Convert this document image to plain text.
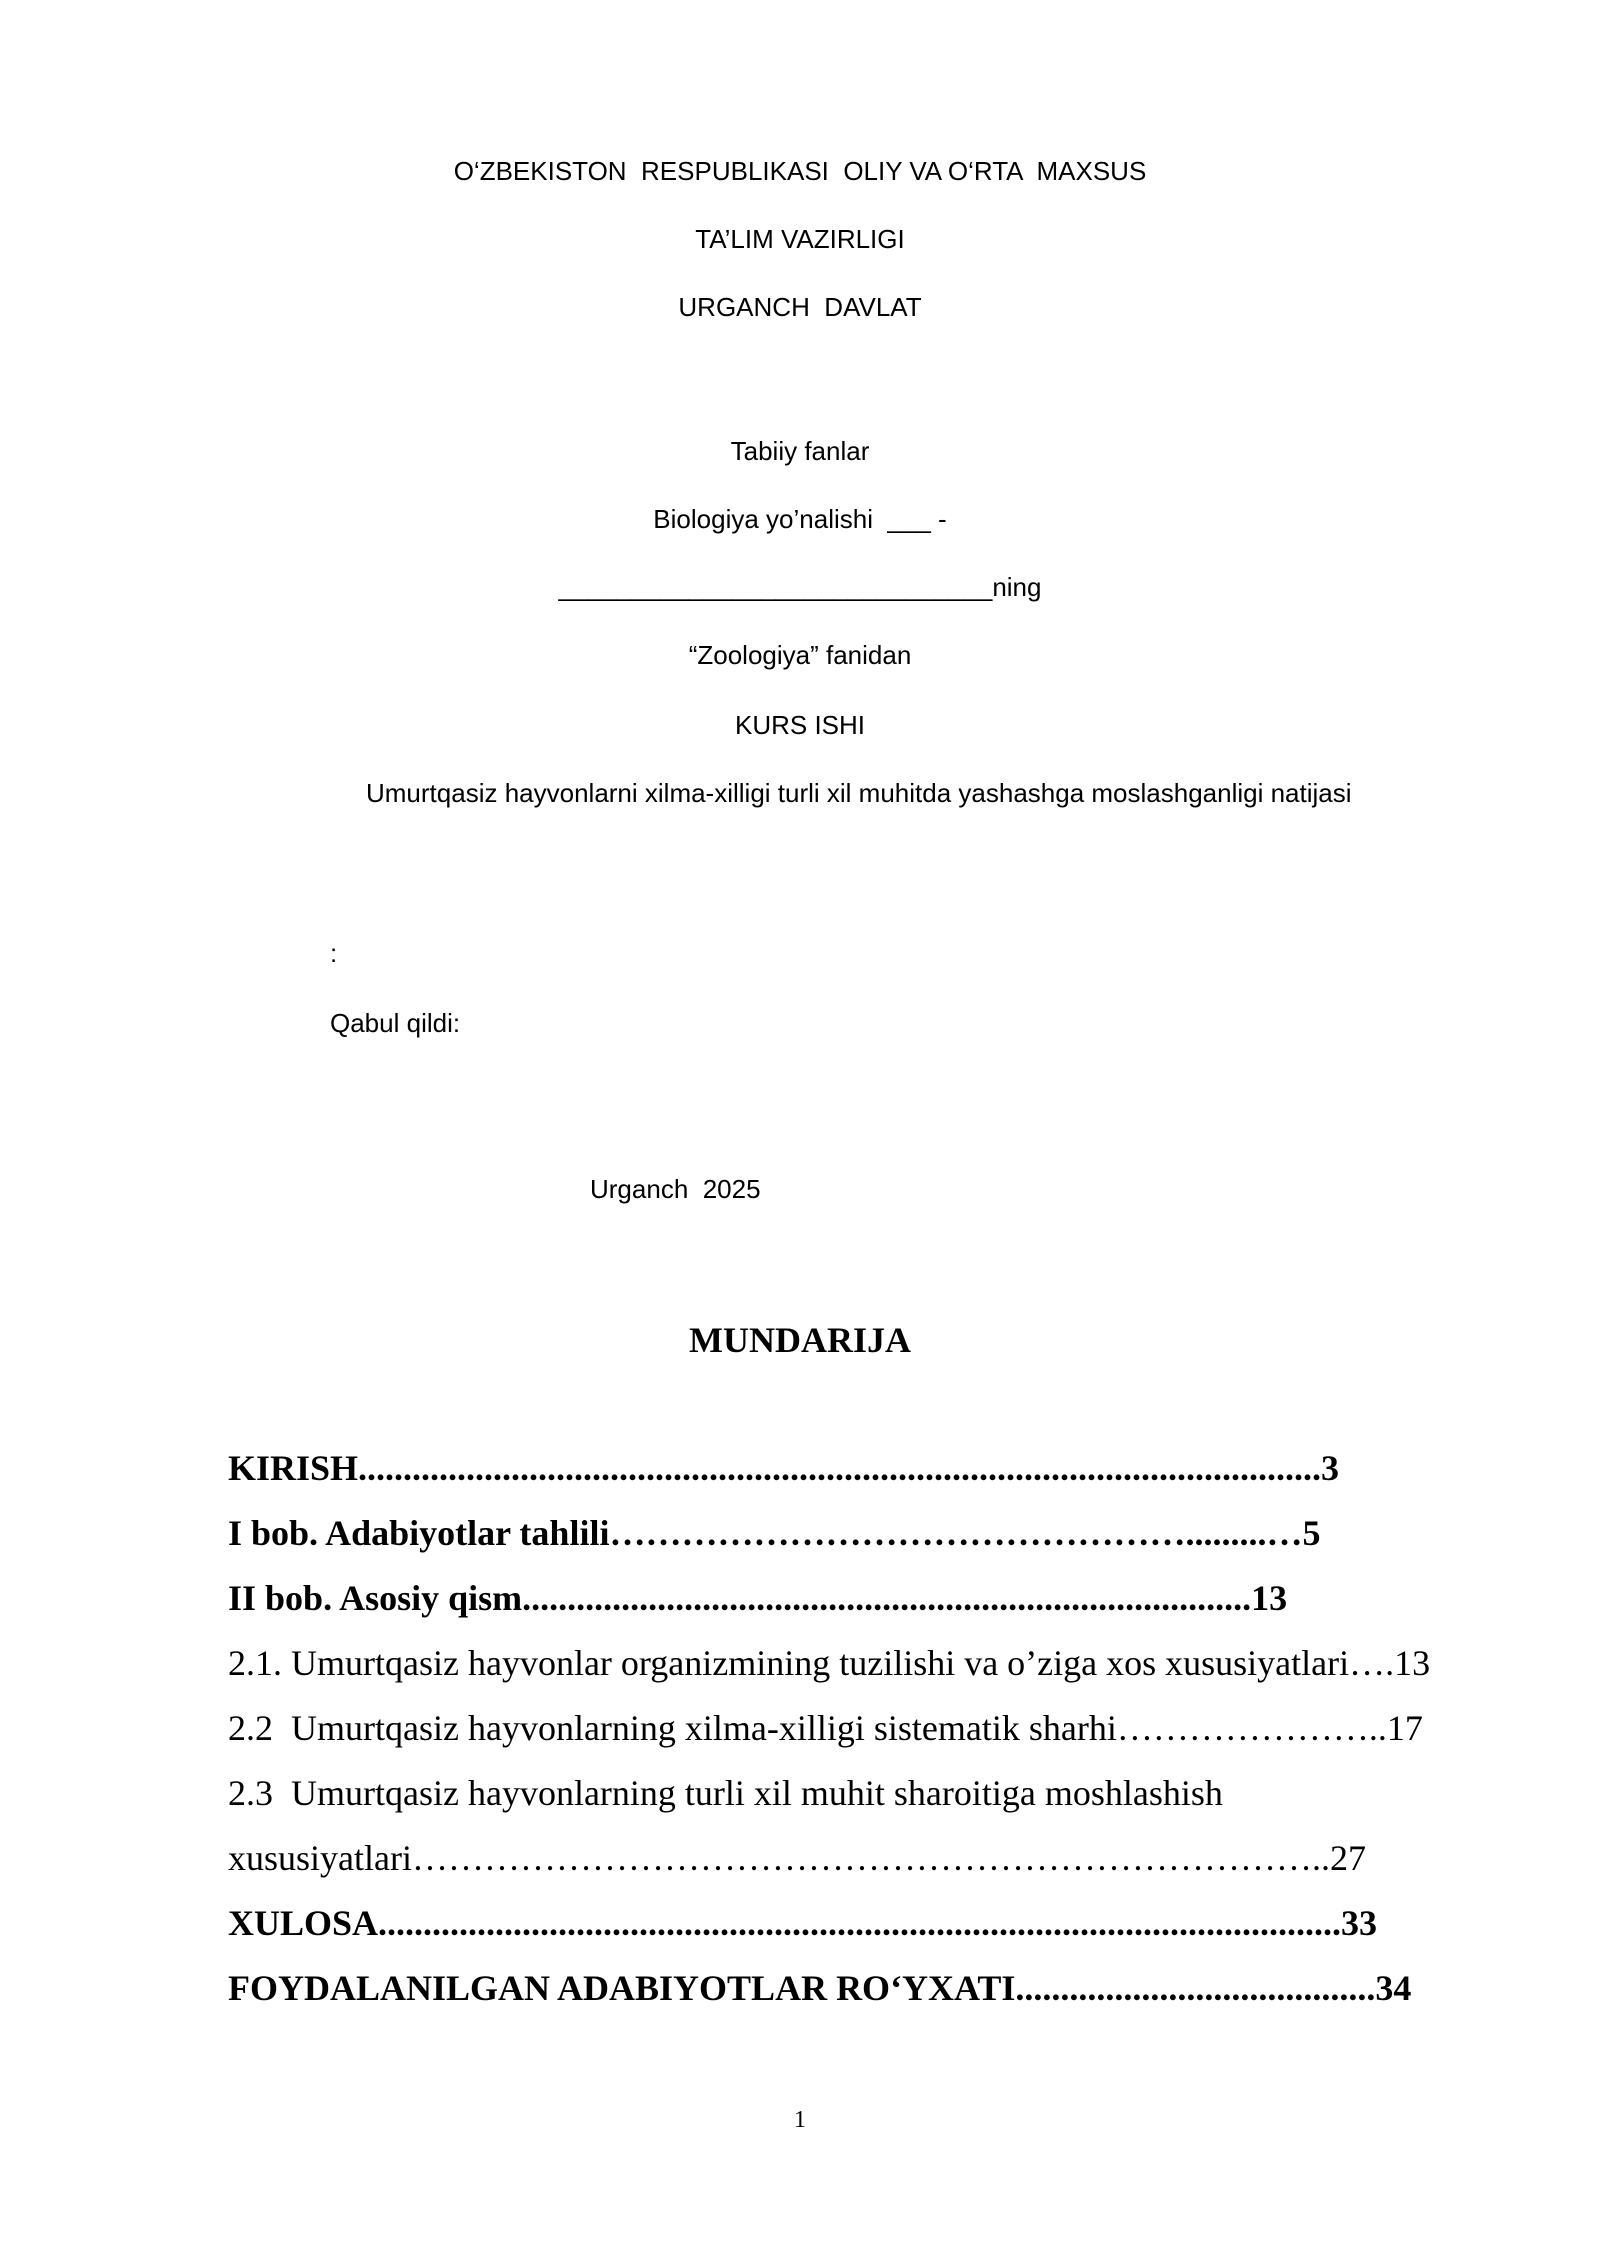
O‘ZBEKISTON  RESPUBLIKASI  OLIY VA O‘RTA  MAXSUS
TA’LIM VAZIRLIGI
URGANCH  DAVLAT
Tabiiy fanlar
Biologiya yo’nalishi  ___ -
______________________________ning
“Zoologiya” fanidan
KURS ISHI
Umurtqasiz hayvonlarni xilma-xilligi turli xil muhitda yashashga moslashganligi natijasi
:
Qabul qildi:
Urganch  2025
MUNDARIJA
KIRISH...........................................................................................................3
I bob. Adabiyotlar tahlili………………………………………….........…5
II bob. Asosiy qism.................................................................................13
2.1. Umurtqasiz hayvonlar organizmining tuzilishi va o’ziga xos xususiyatlari….13
2.2  Umurtqasiz hayvonlarning xilma-xilligi sistematik sharhi…………………..17
2.3  Umurtqasiz hayvonlarning turli xil muhit sharoitiga moshlashish
xususiyatlari…………………………………………………………………..27
XULOSA...........................................................................................................33
FOYDALANILGAN ADABIYOTLAR RO‘YXATI........................................34
1
